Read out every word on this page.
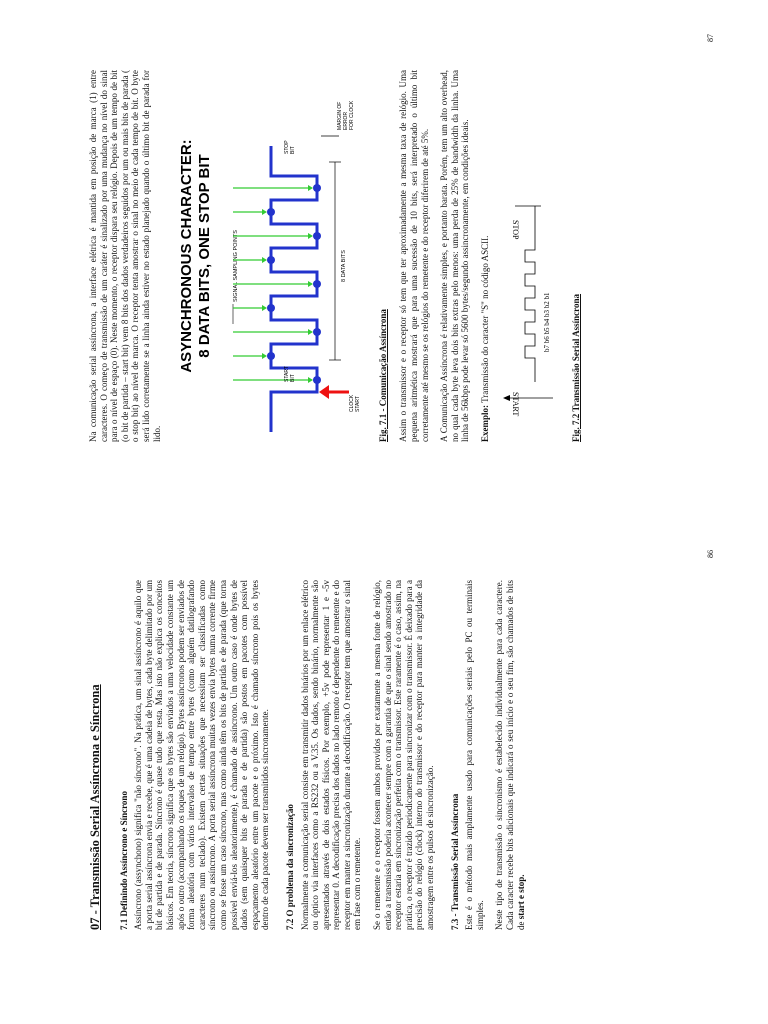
07 - Transmissão Serial Assíncrona e Síncrona 7.1 Definindo Assíncrono e Síncrono Assíncrono (assynchono) significa "não síncrono". Na prática, um sinal assíncrono é aquilo que a porta serial assíncrona envia e recebe, que é uma cadeia de bytes, cada byte delimitado por um bit de partida e de parada. Síncrono é quase tudo que resta. Mas isto não explica os conceitos básicos. Em teoria, síncrono significa que os bytes são enviados a uma velocidade constante um após o outro (acompanhando os toques de um relógio). Bytes assíncronos podem ser enviados de forma aleatória com vários intervalos de tempo entre bytes (como alguém datilografando caracteres num teclado). Existem certas situações que necessitam ser classificadas como síncrono ou assíncrono. A porta serial assíncrona muitas vezes envia bytes numa corrente firme como se fosse um caso síncrono, mas como ainda têm os bits de partida e de parada (que torna possível enviá-los aleatoriamente), é chamado de assíncrono. Um outro caso é onde bytes de dados (sem quaisquer bits de parada e de partida) são postos em pacotes com possível espaçamento aleatório entre um pacote e o próximo. Isto é chamado síncrono pois os bytes dentro de cada pacote devem ser transmitidos sincronamente. 7.2 O problema da sincronização Normalmente a comunicação serial consiste em transmitir dados binários por um enlace elétrico ou óptico via interfaces como a RS232 ou a V.35. Os dados, sendo binário, normalmente são apresentados através de dois estados físicos. Por exemplo, +5v pode representar 1 e -5v representar 0. A decodificação precisa dos dados no lado remoto é dependente do remetente e do receptor em manter a sincronização durante a decodificação. O receptor tem que amostrar o sinal em fase com o remetente. Se o remetente e o receptor fossem ambos providos por exatamente a mesma fonte de relógio, então a transmissão poderia acontecer sempre com a garantia de que o sinal sendo amostrado no receptor estaria em sincronização perfeita com o transmissor. Este raramente é o caso, assim, na prática, o receptor é trazido periodicamente para sincronizar com o transmissor. É deixado para a precisão do relógio (clock) interno do transmissor e do receptor para manter a integridade da amostragem entre os pulsos de sincronização. 7.3 - Transmissão Serial Assíncrona Este é o método mais amplamente usado para comunicações seriais pelo PC ou terminais simples. Neste tipo de transmissão o sincronismo é estabelecido individualmente para cada caractere. Cada caracter recebe bits adicionais que indicará o seu início e o seu fim, são chamados de bits de start e stop.

86

Na comunicação serial assíncrona, a interface elétrica é mantida em posição de marca (1) entre caracteres. O começo de transmissão de um caráter é sinalizado por uma mudança no nível do sinal para o nível de espaço (0). Neste momento, o receptor dispara seu relógio. Depois de um tempo de bit (o bit de partida – start bit) vem 8 bits dos dados verdadeiros seguidos por um ou mais bits de parada ( o stop bit) ao nível de marca. O receptor tenta amostrar o sinal no meio de cada tempo de bit. O byte será lido corretamente se a linha ainda estiver no estado planejado quando o último bit de parada for lido.

ASYNCHRONOUS CHARACTER: 8 DATA BITS, ONE STOP BIT	SIGNAL SAMPLING POINTS
START BIT
STOP BIT
8 DATA BITS
CLOCK START
MARGIN OF ERROR FOR CLOCK
Fig. 7.1 - Comunicação Assíncrona Assim o transmissor e o receptor só tem que ter aproximadamente a mesma taxa de relógio. Uma pequena aritmética mostrará que para uma sucessão de 10 bits, será interpretado o último bit corretamente até mesmo se os relógios do remetente e do receptor diferirem de até 5%. A Comunicação Assíncrona é relativamente simples, e portanto barata. Porém, tem um alto overhead, no qual cada byte leva dois bits extras pelo menos: uma perda de 25% de bandwidth da linha. Uma linha de 56kbps pode levar só 5600 bytes/segundo assincronamente, em condições ideais. Exemplo: Transmissão do caracter "S" no código ASCII.	START
STOP
b7 b6 b5 b4 b3 b2 b1 Fig. 7.2 Transmissão Serial Assíncrona
87
